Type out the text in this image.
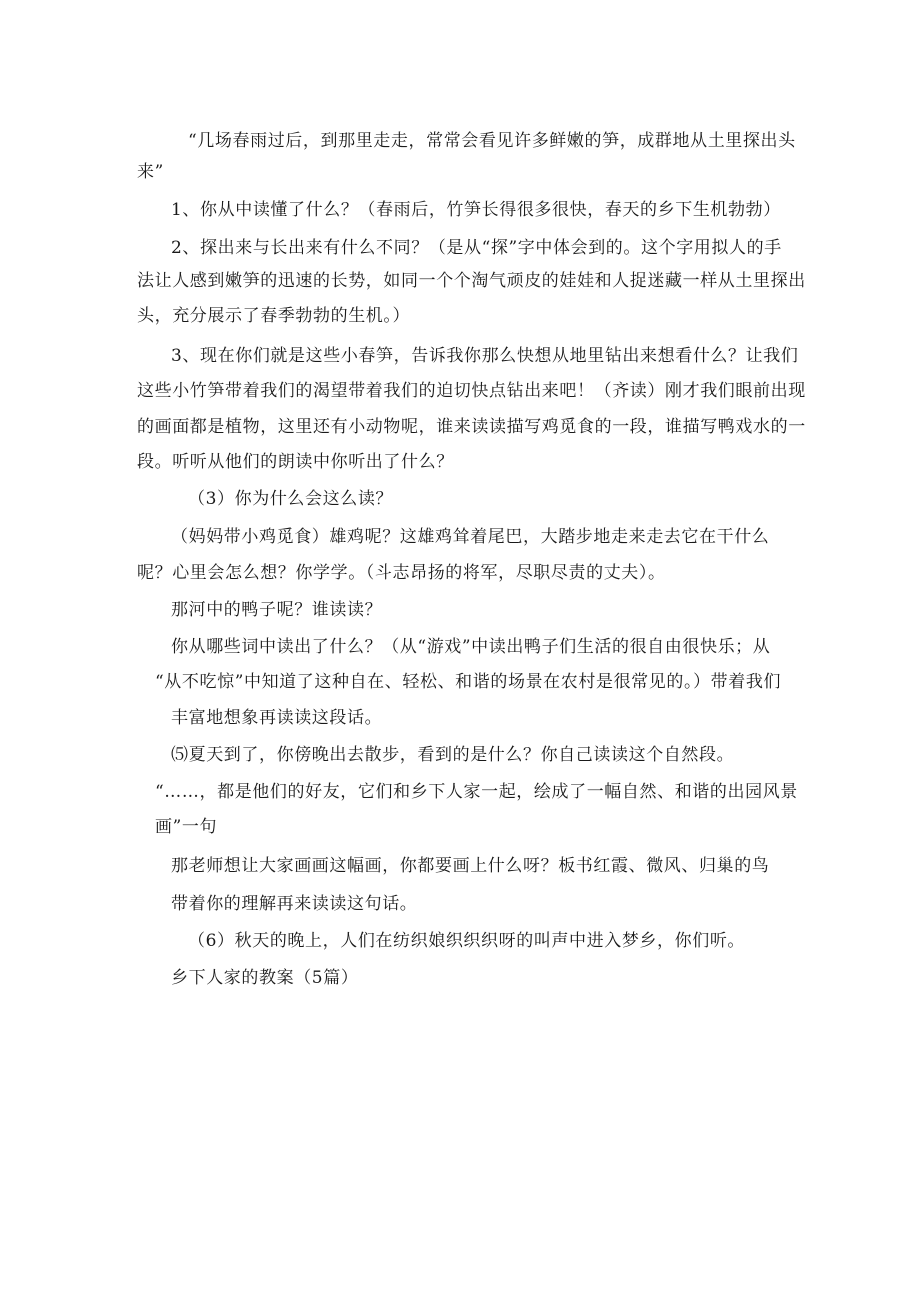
“几场春雨过后，到那里走走，常常会看见许多鲜嫩的笋，成群地从土里探出头
来”
1、你从中读懂了什么？（春雨后，竹笋长得很多很快，春天的乡下生机勃勃）
2、探出来与长出来有什么不同？（是从“探”字中体会到的。这个字用拟人的手
法让人感到嫩笋的迅速的长势，如同一个个淘气顽皮的娃娃和人捉迷藏一样从土里探出
头，充分展示了春季勃勃的生机。）
3、现在你们就是这些小春笋，告诉我你那么快想从地里钻出来想看什么？让我们
这些小竹笋带着我们的渴望带着我们的迫切快点钻出来吧！（齐读）刚才我们眼前出现
的画面都是植物，这里还有小动物呢，谁来读读描写鸡觅食的一段，谁描写鸭戏水的一
段。听听从他们的朗读中你听出了什么？
（3）你为什么会这么读？
（妈妈带小鸡觅食）雄鸡呢？这雄鸡耸着尾巴，大踏步地走来走去它在干什么
呢？心里会怎么想？你学学。（斗志昂扬的将军，尽职尽责的丈夫）。
那河中的鸭子呢？谁读读？
你从哪些词中读出了什么？（从“游戏”中读出鸭子们生活的很自由很快乐；从
“从不吃惊”中知道了这种自在、轻松、和谐的场景在农村是很常见的。）带着我们
丰富地想象再读读这段话。
⑸夏天到了，你傍晚出去散步，看到的是什么？你自己读读这个自然段。
“……，都是他们的好友，它们和乡下人家一起，绘成了一幅自然、和谐的出园风景
画”一句
那老师想让大家画画这幅画，你都要画上什么呀？板书红霞、微风、归巢的鸟
带着你的理解再来读读这句话。
（6）秋天的晚上，人们在纺织娘织织织呀的叫声中进入梦乡，你们听。
乡下人家的教案（5篇）
